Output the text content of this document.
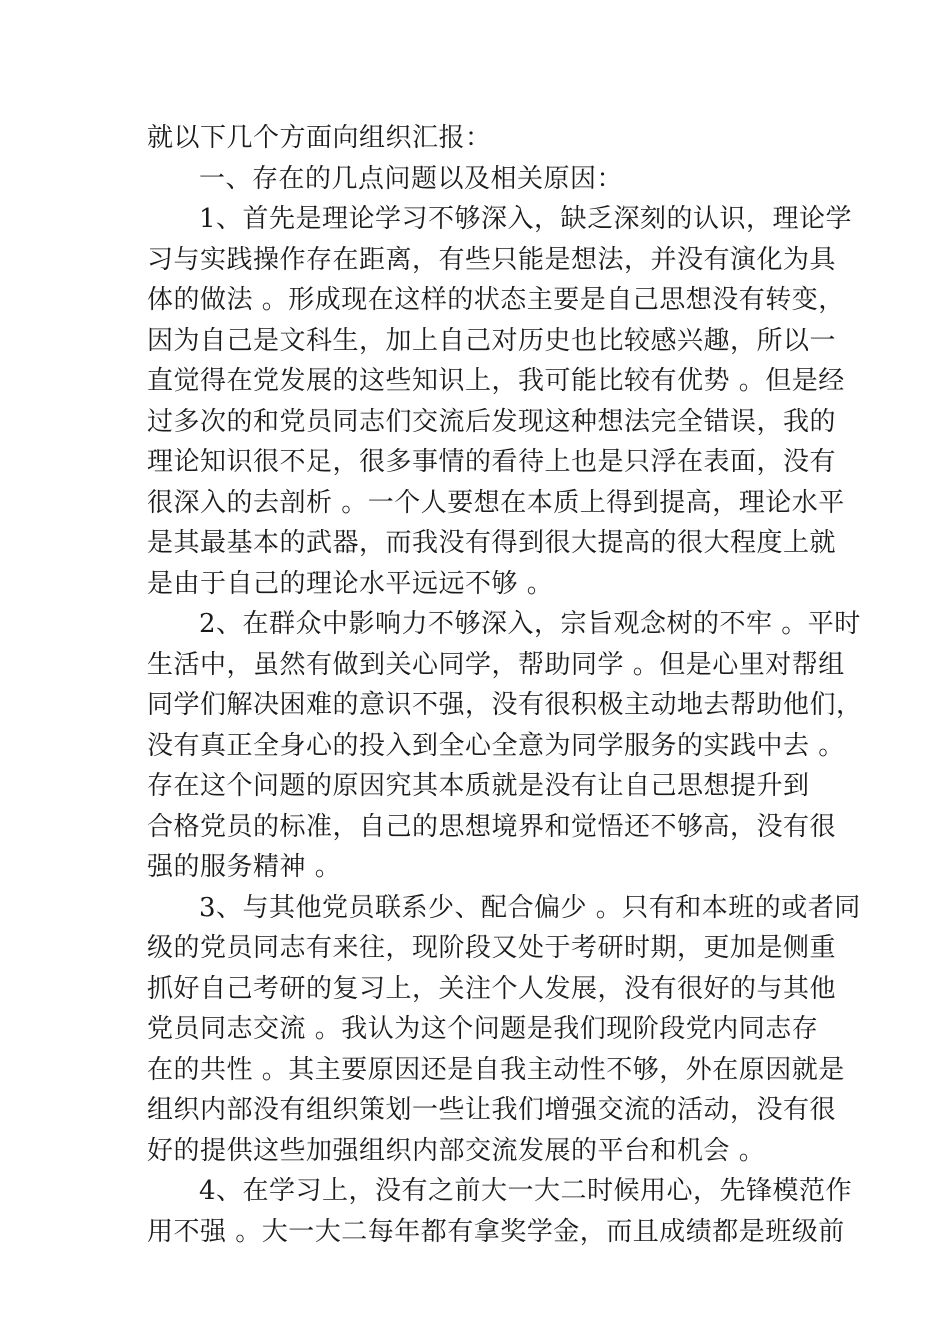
就以下几个方面向组织汇报：
一、存在的几点问题以及相关原因：
1、首先是理论学习不够深入，缺乏深刻的认识，理论学
习与实践操作存在距离，有些只能是想法，并没有演化为具
体的做法 。形成现在这样的状态主要是自己思想没有转变，
因为自己是文科生，加上自己对历史也比较感兴趣，所以一
直觉得在党发展的这些知识上，我可能比较有优势 。但是经
过多次的和党员同志们交流后发现这种想法完全错误，我的
理论知识很不足，很多事情的看待上也是只浮在表面，没有
很深入的去剖析 。一个人要想在本质上得到提高，理论水平
是其最基本的武器，而我没有得到很大提高的很大程度上就
是由于自己的理论水平远远不够 。
2、在群众中影响力不够深入，宗旨观念树的不牢 。平时
生活中，虽然有做到关心同学，帮助同学 。但是心里对帮组
同学们解决困难的意识不强，没有很积极主动地去帮助他们，
没有真正全身心的投入到全心全意为同学服务的实践中去 。
存在这个问题的原因究其本质就是没有让自己思想提升到
合格党员的标准，自己的思想境界和觉悟还不够高，没有很
强的服务精神 。
3、与其他党员联系少、配合偏少 。只有和本班的或者同
级的党员同志有来往，现阶段又处于考研时期，更加是侧重
抓好自己考研的复习上，关注个人发展，没有很好的与其他
党员同志交流 。我认为这个问题是我们现阶段党内同志存
在的共性 。其主要原因还是自我主动性不够，外在原因就是
组织内部没有组织策划一些让我们增强交流的活动，没有很
好的提供这些加强组织内部交流发展的平台和机会 。
4、在学习上，没有之前大一大二时候用心，先锋模范作
用不强 。大一大二每年都有拿奖学金，而且成绩都是班级前
